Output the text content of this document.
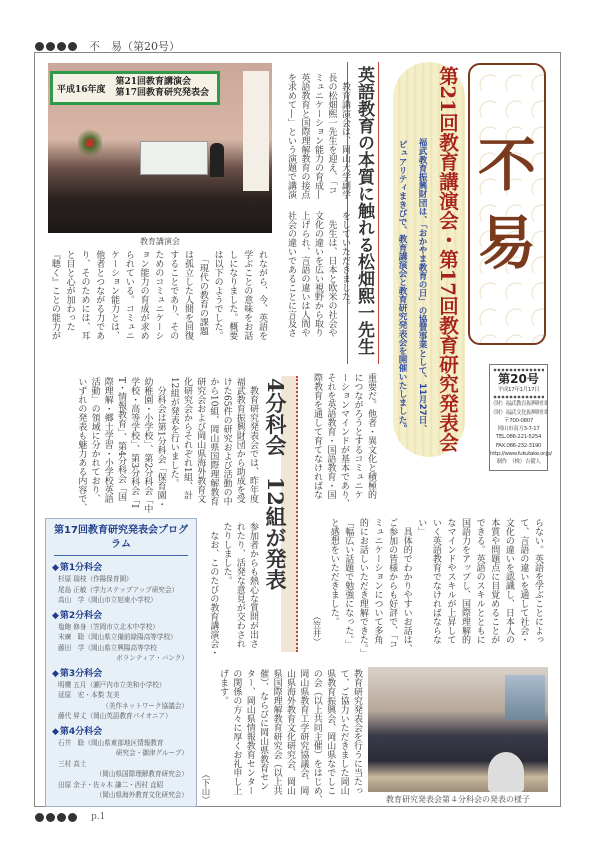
不　易（第20号）
不
易
第20号
平成17年1月17日
（財）福武教育振興財団
（財）福武文化振興財団
〒700-0807
岡山市南方3-7-17
TEL.086-221-5254
FAX.086-232-3190
http://www.fukutake.or.jp/
制作　（株）吉備人
第21回教育講演会・第17回教育研究発表会
福武教育振興財団は、「おかやま教育の日」の協賛事業として、11月27日、
ピュアリティまきびで、教育講演会と教育研究発表会を開催いたしました。
平成16年度
第21回教育講演会
第17回教育研究発表会
教育講演会	英語教育の本質に触れる松畑熙一先生
　教育講演会は、岡山大学副学
長の松畑熙一先生を迎え、「コ
ミュニケーション能力の育成―
英語教育と国際理解教育の接点
を求めて―」という演題で講演
をしていただきました。
　先生は、日本と欧米の社会や
文化の違いを広い視野から取り
上げられ、言語の違いは人間や
社会の違いであることに言及さ
れながら、今、英語を
学ぶことの意味をお話
しになりました。概要
は以下のようでした。
　「現代の教育の課題
は孤立した人間を回復
することであり、その
ためのコミュニケーシ
ョン能力の育成が求め
られている。コミュニ
ケーション能力とは、
他者とつながる力であ
り、そのためには、耳
と目と心が加わった
『聴く』ことの能力が
重要だ。他者・異文化と積極的
につながろうとするコミュニケ
ーションマインドが基本であり、
それを英語教育・国語教育・国
際教育を通して育てなければな
らない。英語を学ぶことによっ
て、言語の違いを通して社会・
文化の違いを認識し、日本人の
本質や問題点に目覚めることが
できる。英語のスキルとともに
国語力をアップし、国際理解的
なマインドやスキルが上昇して
いく英語教育でなければならな
い」
　具体的でわかりやすいお話は、
ご参加の皆様からも好評で、「コ
ミュニケーションについて多角
的にお話しいただき理解できた。」
「幅広い話題で勉強になった。」
と感想をいただきました。
（笠井）
4分科会　12組が発表
　教育研究発表会では、昨年度
福武教育振興財団から助成を受
けた65件の研究および活動の中
から10組、岡山県国際理解教育
研究会および岡山県海外教育文
化研究会からそれぞれ1組、計
12組が発表を行いました。
　分科会は第1分科会「保育園・
幼稚園・小学校」、第2分科会「中
学校・高等学校」、第3分科会「I
T・情報教育」、第4分科会「国
際理解・郷土学習・小学校英語
活動」の領域に分かれており、
いずれの発表も魅力ある内容で、
参加者からも熱心な質問が出さ
れたり、活発な意見が交わされ
たりしました。
　なお、このたびの教育講演会・
教育研究発表会を行うに当たっ
て、ご協力いただきました岡山
県教育振興会、岡山県なでしこ
の会（以上共同主催）をはじめ、
岡山県教育工学研究協議会、岡
山県海外教育文化研究会、岡山
県国際理解教育研究会（以上共
催）、ならびに岡山県教育セン
ター、岡山県情報教育センター
の関係の方々に厚くお礼申し上
げます。
（下山）	教育研究発表会第４分科会の発表の様子
第17回教育研究発表会プログラム
◆第1分科会
杉原 瑞枝（作陽保育園）
尾島 正敏（学力ステップアップ研究会）
高山　学（岡山市立旭東小学校）
◆第2分科会
塩飽 修身（笠岡市立北木中学校）
末廣　聡（岡山県立備前緑陽高等学校）
藤田　学（岡山県立興陽高等学校
ボランティア・バンク）
◆第3分科会
明櫻 五月（瀬戸内市立美和小学校）
延原　宏・本梨 友美
（美作ネットワーク協議会）
藤代 昇丈（岡山英語教育パイオニア）
◆第4分科会
石井　聡（岡山県東部地区情報教育
研究会・御津グループ）
三村 高士
（岡山県国際理解教育研究会）
田原 余子・佐々木 謙二・西村 直昭
（岡山県海外教育文化研究会）
p.1
